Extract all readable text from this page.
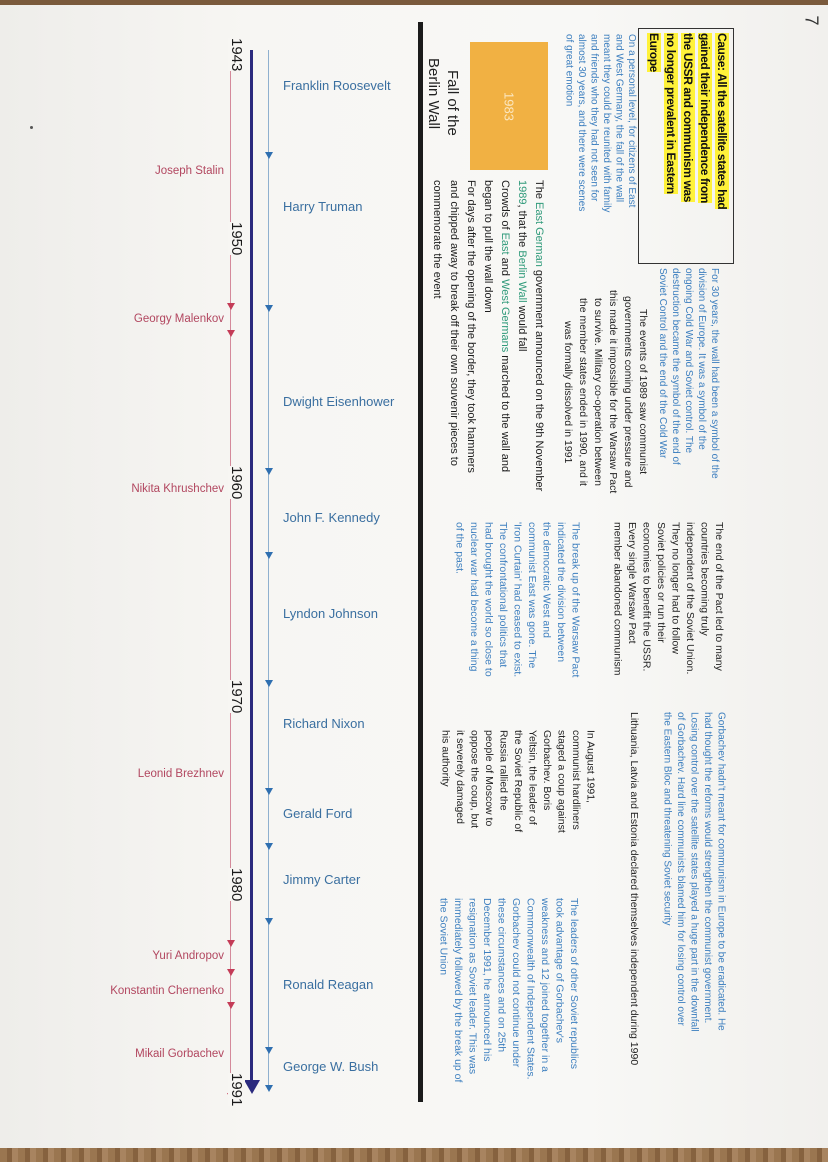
7
Cause: All the satellite states had
gained their independence from
the USSR and communism was
no longer prevalent in Eastern
Europe
On a personal level, for citizens of East
and West Germany, the fall of the wall
meant they could be reunited with family
and friends who they had not seen for
almost 30 years, and there were scenes
of great emotion
1983
Fall of the
Berlin Wall
The East German government announced on the 9th November
1989, that the Berlin Wall would fall
Crowds of East and West Germans marched to the wall and
began to pull the wall down
For days after the opening of the border, they took hammers
and chipped away to break off their own souvenir pieces to
commemorate the event
For 30 years, the wall had been a symbol of the
division of Europe. It was a symbol of the
ongoing Cold War and Soviet control. The
destruction became the symbol of the end of
Soviet Control and the end of the Cold War
The events of 1989 saw communist
governments coming under pressure and
this made it impossible for the Warsaw Pact
to survive. Military co-operation between
the member states ended in 1990, and it
was formally dissolved in 1991
The end of the Pact led to many
countries becoming truly
independent of the Soviet Union.
They no longer had to follow
Soviet policies or run their
economies to benefit the USSR.
Every single Warsaw Pact
member abandoned communism
The break up of the Warsaw Pact
indicated the division between
the democratic West and
communist East was gone. The
'Iron Curtain' had ceased to exist.
The confrontational politics that
had brought the world so close to
nuclear war had become a thing
of the past.
Gorbachev hadn't meant for communism in Europe to be eradicated. He
had thought the reforms would strengthen the communist government.
Losing control over the satellite states played a huge part in the downfall
of Gorbachev. Hard line communists blamed him for losing control over
the Eastern Bloc and threatening Soviet security
Lithuania, Latvia and Estonia declared themselves independent during 1990
In August 1991,
communist hardliners
staged a coup against
Gorbachev. Boris
Yeltsin, the leader of
the Soviet Republic of
Russia rallied the
people of Moscow to
oppose the coup, but
it severely damaged
his authority
The leaders of other Soviet republics
took advantage of Gorbachev's
weakness and 12 joined together in a
Commonwealth of Independent States.
Gorbachev could not continue under
these circumstances and on 25th
December 1991, he announced his
resignation as Soviet leader. This was
immediately followed by the break up of
the Soviet Union
1943
1950
1960
1970
1980
1991
Franklin Roosevelt
Harry Truman
Dwight Eisenhower
John F. Kennedy
Lyndon Johnson
Richard Nixon
Gerald Ford
Jimmy Carter
Ronald Reagan
George W. Bush
Joseph Stalin
Georgy Malenkov
Nikita Khrushchev
Leonid Brezhnev
Yuri Andropov
Konstantin Chernenko
Mikail Gorbachev
